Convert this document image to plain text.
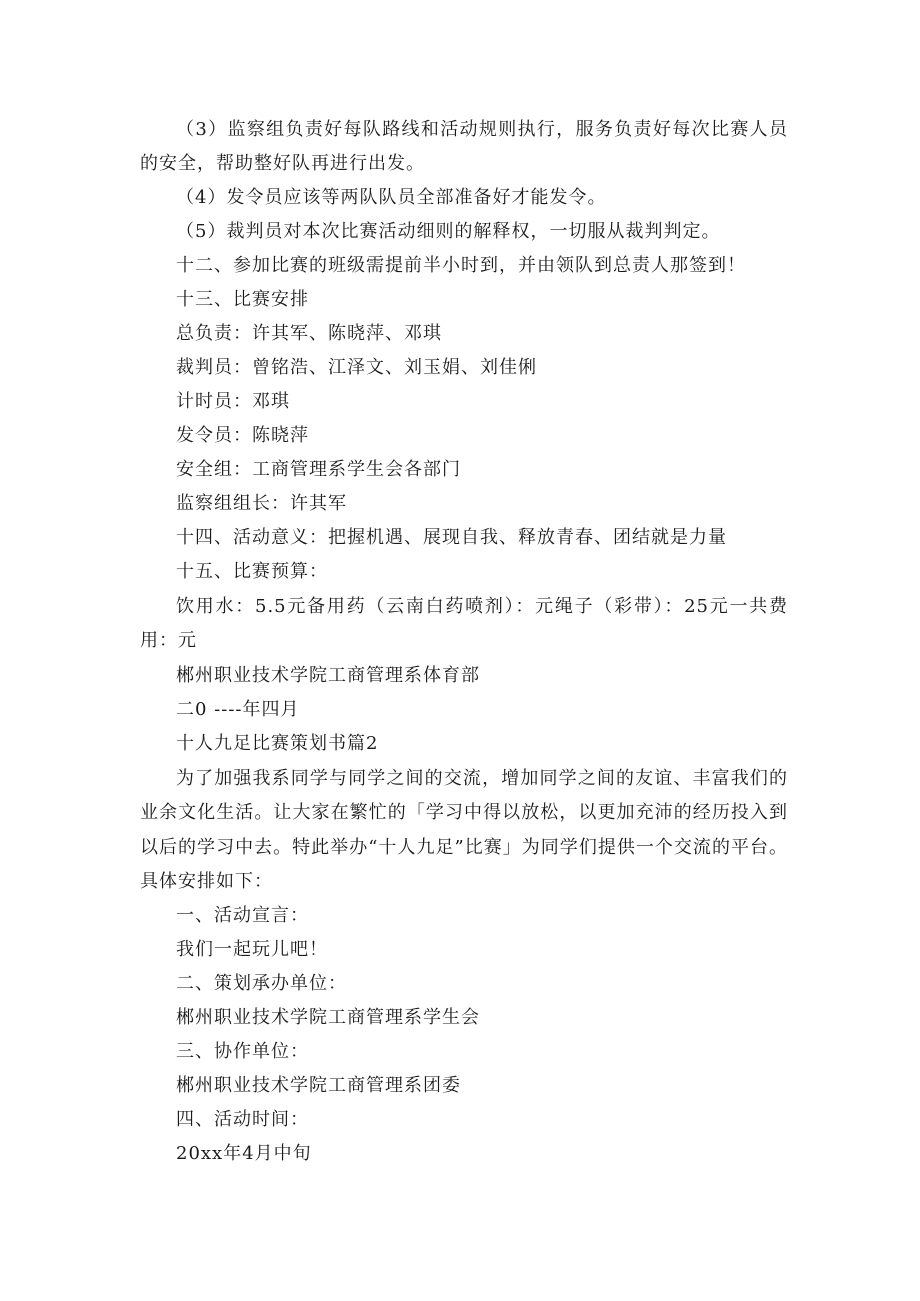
（3）监察组负责好每队路线和活动规则执行，服务负责好每次比赛人员的安全，帮助整好队再进行出发。
（4）发令员应该等两队队员全部准备好才能发令。
（5）裁判员对本次比赛活动细则的解释权，一切服从裁判判定。
十二、参加比赛的班级需提前半小时到，并由领队到总责人那签到！
十三、比赛安排
总负责：许其军、陈晓萍、邓琪
裁判员：曾铭浩、江泽文、刘玉娟、刘佳俐
计时员：邓琪
发令员：陈晓萍
安全组：工商管理系学生会各部门
监察组组长：许其军
十四、活动意义：把握机遇、展现自我、释放青春、团结就是力量
十五、比赛预算：
饮用水：5.5元备用药（云南白药喷剂）：元绳子（彩带）：25元一共费用：元
郴州职业技术学院工商管理系体育部
二0 ----年四月
十人九足比赛策划书篇2
为了加强我系同学与同学之间的交流，增加同学之间的友谊、丰富我们的业余文化生活。让大家在繁忙的「学习中得以放松，以更加充沛的经历投入到以后的学习中去。特此举办“十人九足”比赛」为同学们提供一个交流的平台。具体安排如下：
一、活动宣言：
我们一起玩儿吧！
二、策划承办单位：
郴州职业技术学院工商管理系学生会
三、协作单位：
郴州职业技术学院工商管理系团委
四、活动时间：
20xx年4月中旬
